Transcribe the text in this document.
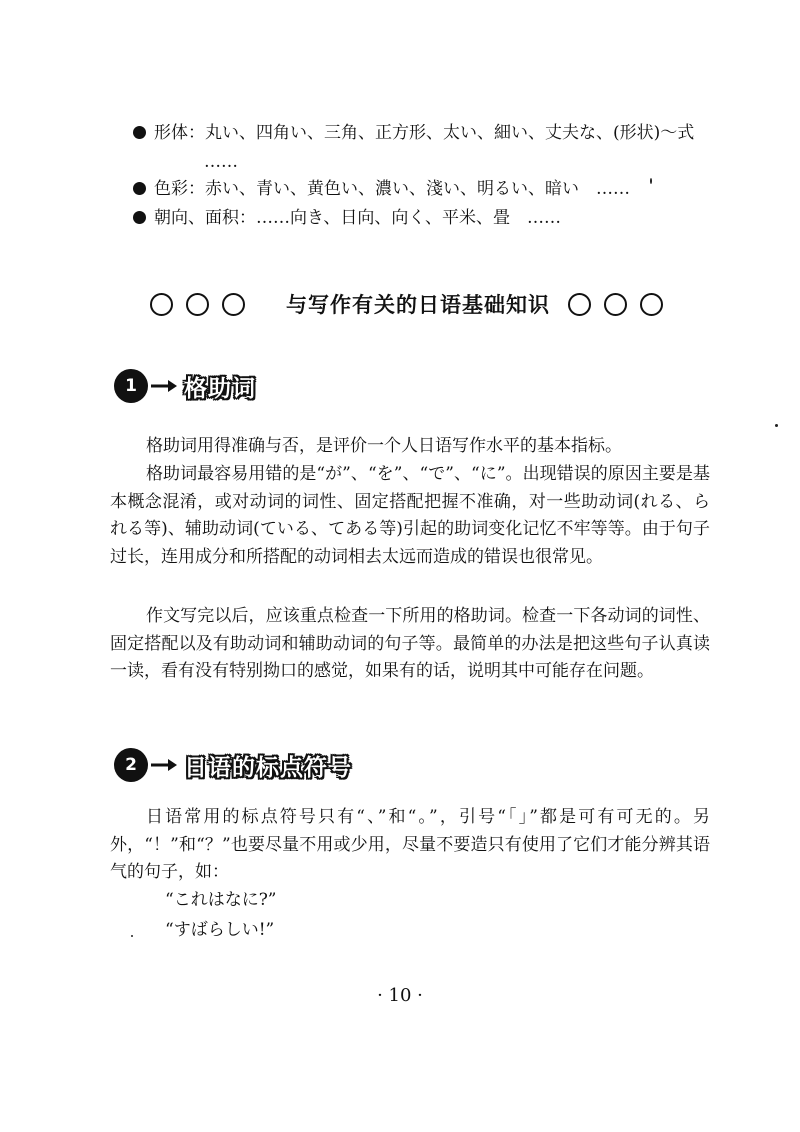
形体：丸い、四角い、三角、正方形、太い、細い、丈夫な、(形状)～式
……
色彩：赤い、青い、黄色い、濃い、淺い、明るい、暗い　……
朝向、面积：……向き、日向、向く、平米、畳　……
与写作有关的日语基础知识
1	格助词
格助词用得准确与否，是评价一个人日语写作水平的基本指标。
格助词最容易用错的是“が”、“を”、“で”、“に”。出现错误的原因主要是基本概念混淆，或对动词的词性、固定搭配把握不准确，对一些助动词(れる、られる等)、辅助动词(ている、てある等)引起的助词变化记忆不牢等等。由于句子过长，连用成分和所搭配的动词相去太远而造成的错误也很常见。
作文写完以后，应该重点检查一下所用的格助词。检查一下各动词的词性、固定搭配以及有助动词和辅助动词的句子等。最简单的办法是把这些句子认真读一读，看有没有特别拗口的感觉，如果有的话，说明其中可能存在问题。
2	日语的标点符号
日语常用的标点符号只有“、”和“。”，引号“「」”都是可有可无的。另外，“！”和“？”也要尽量不用或少用，尽量不要造只有使用了它们才能分辨其语气的句子，如：
“これはなに?”
“すばらしい!”
· 10 ·
